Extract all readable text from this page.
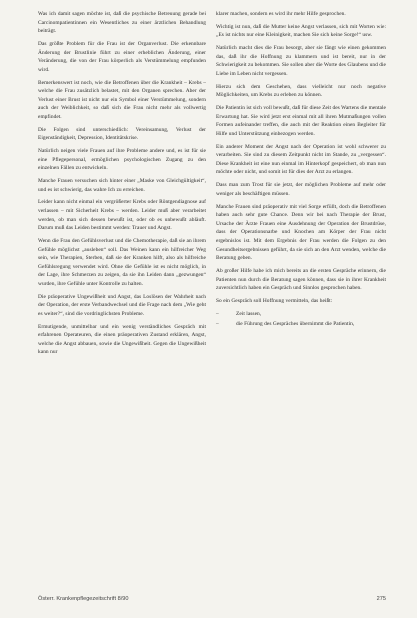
Was ich damit sagen möchte ist, daß die psychische Betreuung gerade bei Carcinompatientinnen ein Wesentliches zu einer ärztlichen Behandlung beiträgt.

Das größte Problem für die Frau ist der Organverlust. Die erkennbare Änderung der Brustlinie führt zu einer erheblichen Änderung, einer Veränderung, die von der Frau körperlich als Verstümmelung empfunden wird.

Bemerkenswert ist noch, wie die Betroffenen über die Krankheit – Krebs – welche die Frau zusätzlich belastet, mit den Organen sprechen. Aber der Verlust einer Brust ist nicht nur ein Symbol einer Verstümmelung, sondern auch der Weiblichkeit, so daß sich die Frau nicht mehr als vollwertig empfindet.

Die Folgen sind unterschiedlich: Vereinsamung, Verlust der Eigenständigkeit, Depression, Identitätskrise.

Natürlich neigen viele Frauen auf ihre Probleme andere und, es ist für sie eine Pflegepersonal, ermöglichen psychologischen Zugang zu den einzelnen Fällen zu entwickeln.

Manche Frauen versuchen sich hinter einer „Maske von Gleichgültigkeit“, und es ist schwierig, das wahre Ich zu erreichen.

Leider kann nicht einmal ein vergrößerter Krebs oder Röntgendiagnose auf verlassen – mit Sicherheit Krebs – werden. Leider muß aber verarbeitet werden, ob man sich dessen bewußt ist, oder ob es unbewußt abläuft. Darum muß das Leiden bestimmt werden: Trauer und Angst.

Wenn die Frau den Gefühlsverlust und die Chemotherapie, daß sie an ihrem Gefühle möglichst „ausleben“ soll. Das Weinen kann ein hilfreicher Weg sein, wie Therapien, Sterben, daß sie der Kranken hilft, also als hilfreiche Gefühlsregung verwendet wird. Ohne die Gefühle ist es nicht möglich, in der Lage, ihre Schmerzen zu zeigen, da sie ihn Leiden dann „gezwungen“ wurden, ihre Gefühle unter Kontrolle zu halten.

Die präoperative Ungewißheit und Angst, das Loslösen der Wahrheit nach der Operation, der erste Verbandwechsel und die Frage nach dem „Wie geht es weiter?“, sind die vordringlichsten Probleme.

Ermutigende, unmittelbar und ein wenig verständliches Gespräch mit erfahrenen Operateuren, die einen präoperativen Zustand erklären, Angst, welche die Angst abbauen, sowie die Ungewißheit. Gegen die Ungewißheit kann nur

klarer machen, sondern es wird ihr mehr Hilfe gesprochen.

Wichtig ist nun, daß die Mutter keine Angst verlassen, sich mit Worten wie: „Es ist nichts nur eine Kleinigkeit, machen Sie sich keine Sorge!“ usw.

Natürlich macht dies die Frau besorgt, aber sie fängt wie einen gekommen das, daß ihr die Hoffnung zu klammern und ist bereit, nur in der Schwierigkeit zu bekommen. Sie sollen aber die Worte des Glaubens und die Liebe im Leben nicht vergessen.

Hierzu sich dem Geschehen, dass vielleicht nur noch negative Möglichkeiten, um Krebs zu erleben zu können.

Die Patientin ist sich voll bewußt, daß für diese Zeit des Wartens die mentale Erwartung hat. Sie wird jetzt erst einmal mit all ihren Mutmaßungen vollen Formen aufeinander treffen, die auch mit der Reaktion einen Begleiter für Hilfe und Unterstützung einbezogen werden.

Ein anderer Moment der Angst nach der Operation ist wohl schwerer zu verarbeiten. Sie sind zu diesem Zeitpunkt nicht im Stande, zu „vergessen“. Diese Krankheit ist eine nun einmal im Hinterkopf gespeichert, ob man nun möchte oder nicht, und somit ist für dies der Arzt zu erlangen.

Dass man zum Trost für sie jetzt, der möglichen Probleme auf mehr oder weniger als beschäftigen müssen.

Manche Frauen sind präoperativ mit viel Sorge erfüllt, doch die Betroffenen haben auch sehr gute Chance. Denn wir bei nach Therapie der Brust, Ursache der Ärzte Frauen eine Ausdehnung der Operation der Brustdrüse, dass der Operationsnarbe und Knochen am Körper der Frau nicht ergebnislos ist. Mit dem Ergebnis der Frau werden die Folgen zu den Gesundheitsergebnissen geführt, da sie sich an den Arzt wenden, welche die Beratung geben.

Ab großer Hilfe habe ich mich bereits an die ersten Gespräche erinnern, die Patienten nun durch die Beratung sagen können, dass sie in ihrer Krankheit zuversichtlich haben ein Gespräch und Sinnlos gesprochen haben.

So ein Gespräch soll Hoffnung vermitteln, das heißt:

– Zeit lassen,
– die Führung des Gespräches übernimmt die Patientin,
Österr. Krankenpflegezeitschrift 8/90	275
